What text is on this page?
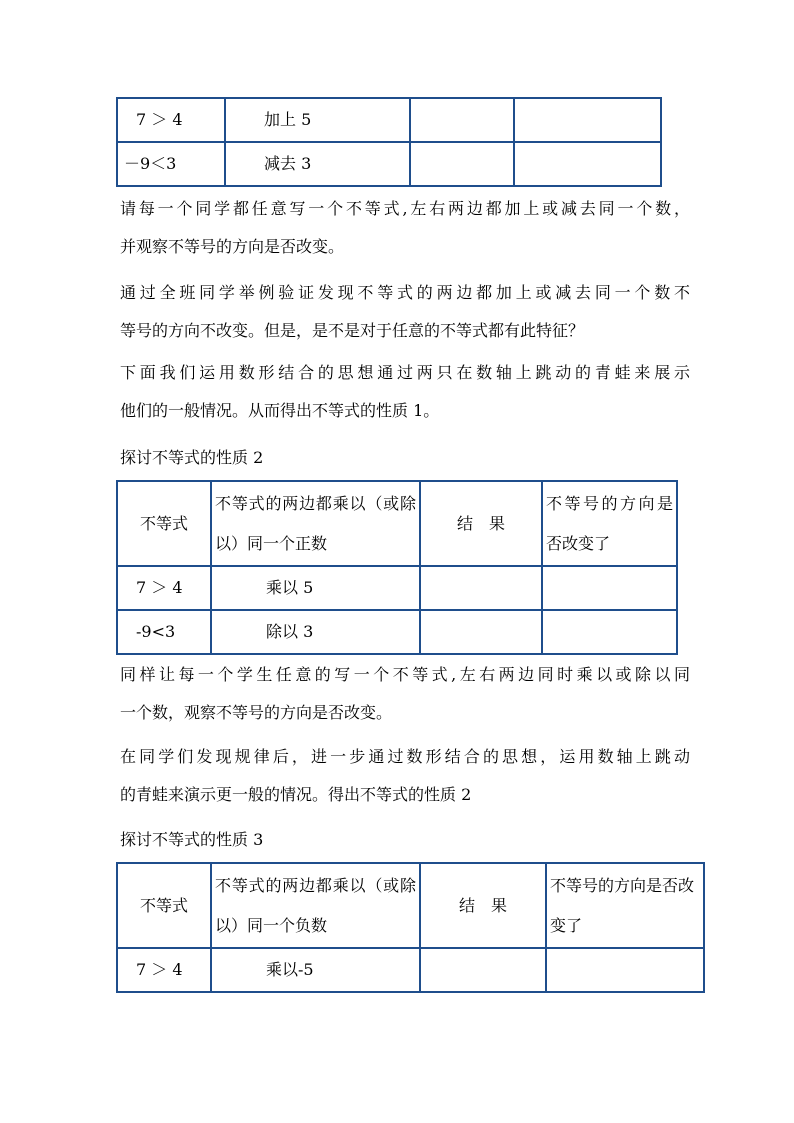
7 ＞ 4	加上 5		
－9＜3	减去 3		
请每一个同学都任意写一个不等式,左右两边都加上或减去同一个数，
并观察不等号的方向是否改变。
通过全班同学举例验证发现不等式的两边都加上或减去同一个数不
等号的方向不改变。但是，是不是对于任意的不等式都有此特征？
下面我们运用数形结合的思想通过两只在数轴上跳动的青蛙来展示
他们的一般情况。从而得出不等式的性质 1。
探讨不等式的性质 2
不等式	不等式的两边都乘以（或除以）同一个正数	结　果	不等号的方向是否改变了
7 ＞ 4	乘以 5		
-9<3	除以 3		
同样让每一个学生任意的写一个不等式,左右两边同时乘以或除以同
一个数，观察不等号的方向是否改变。
在同学们发现规律后，进一步通过数形结合的思想，运用数轴上跳动
的青蛙来演示更一般的情况。得出不等式的性质 2
探讨不等式的性质 3
不等式	不等式的两边都乘以（或除以）同一个负数	结　果	不等号的方向是否改变了
7 ＞ 4	乘以-5		
